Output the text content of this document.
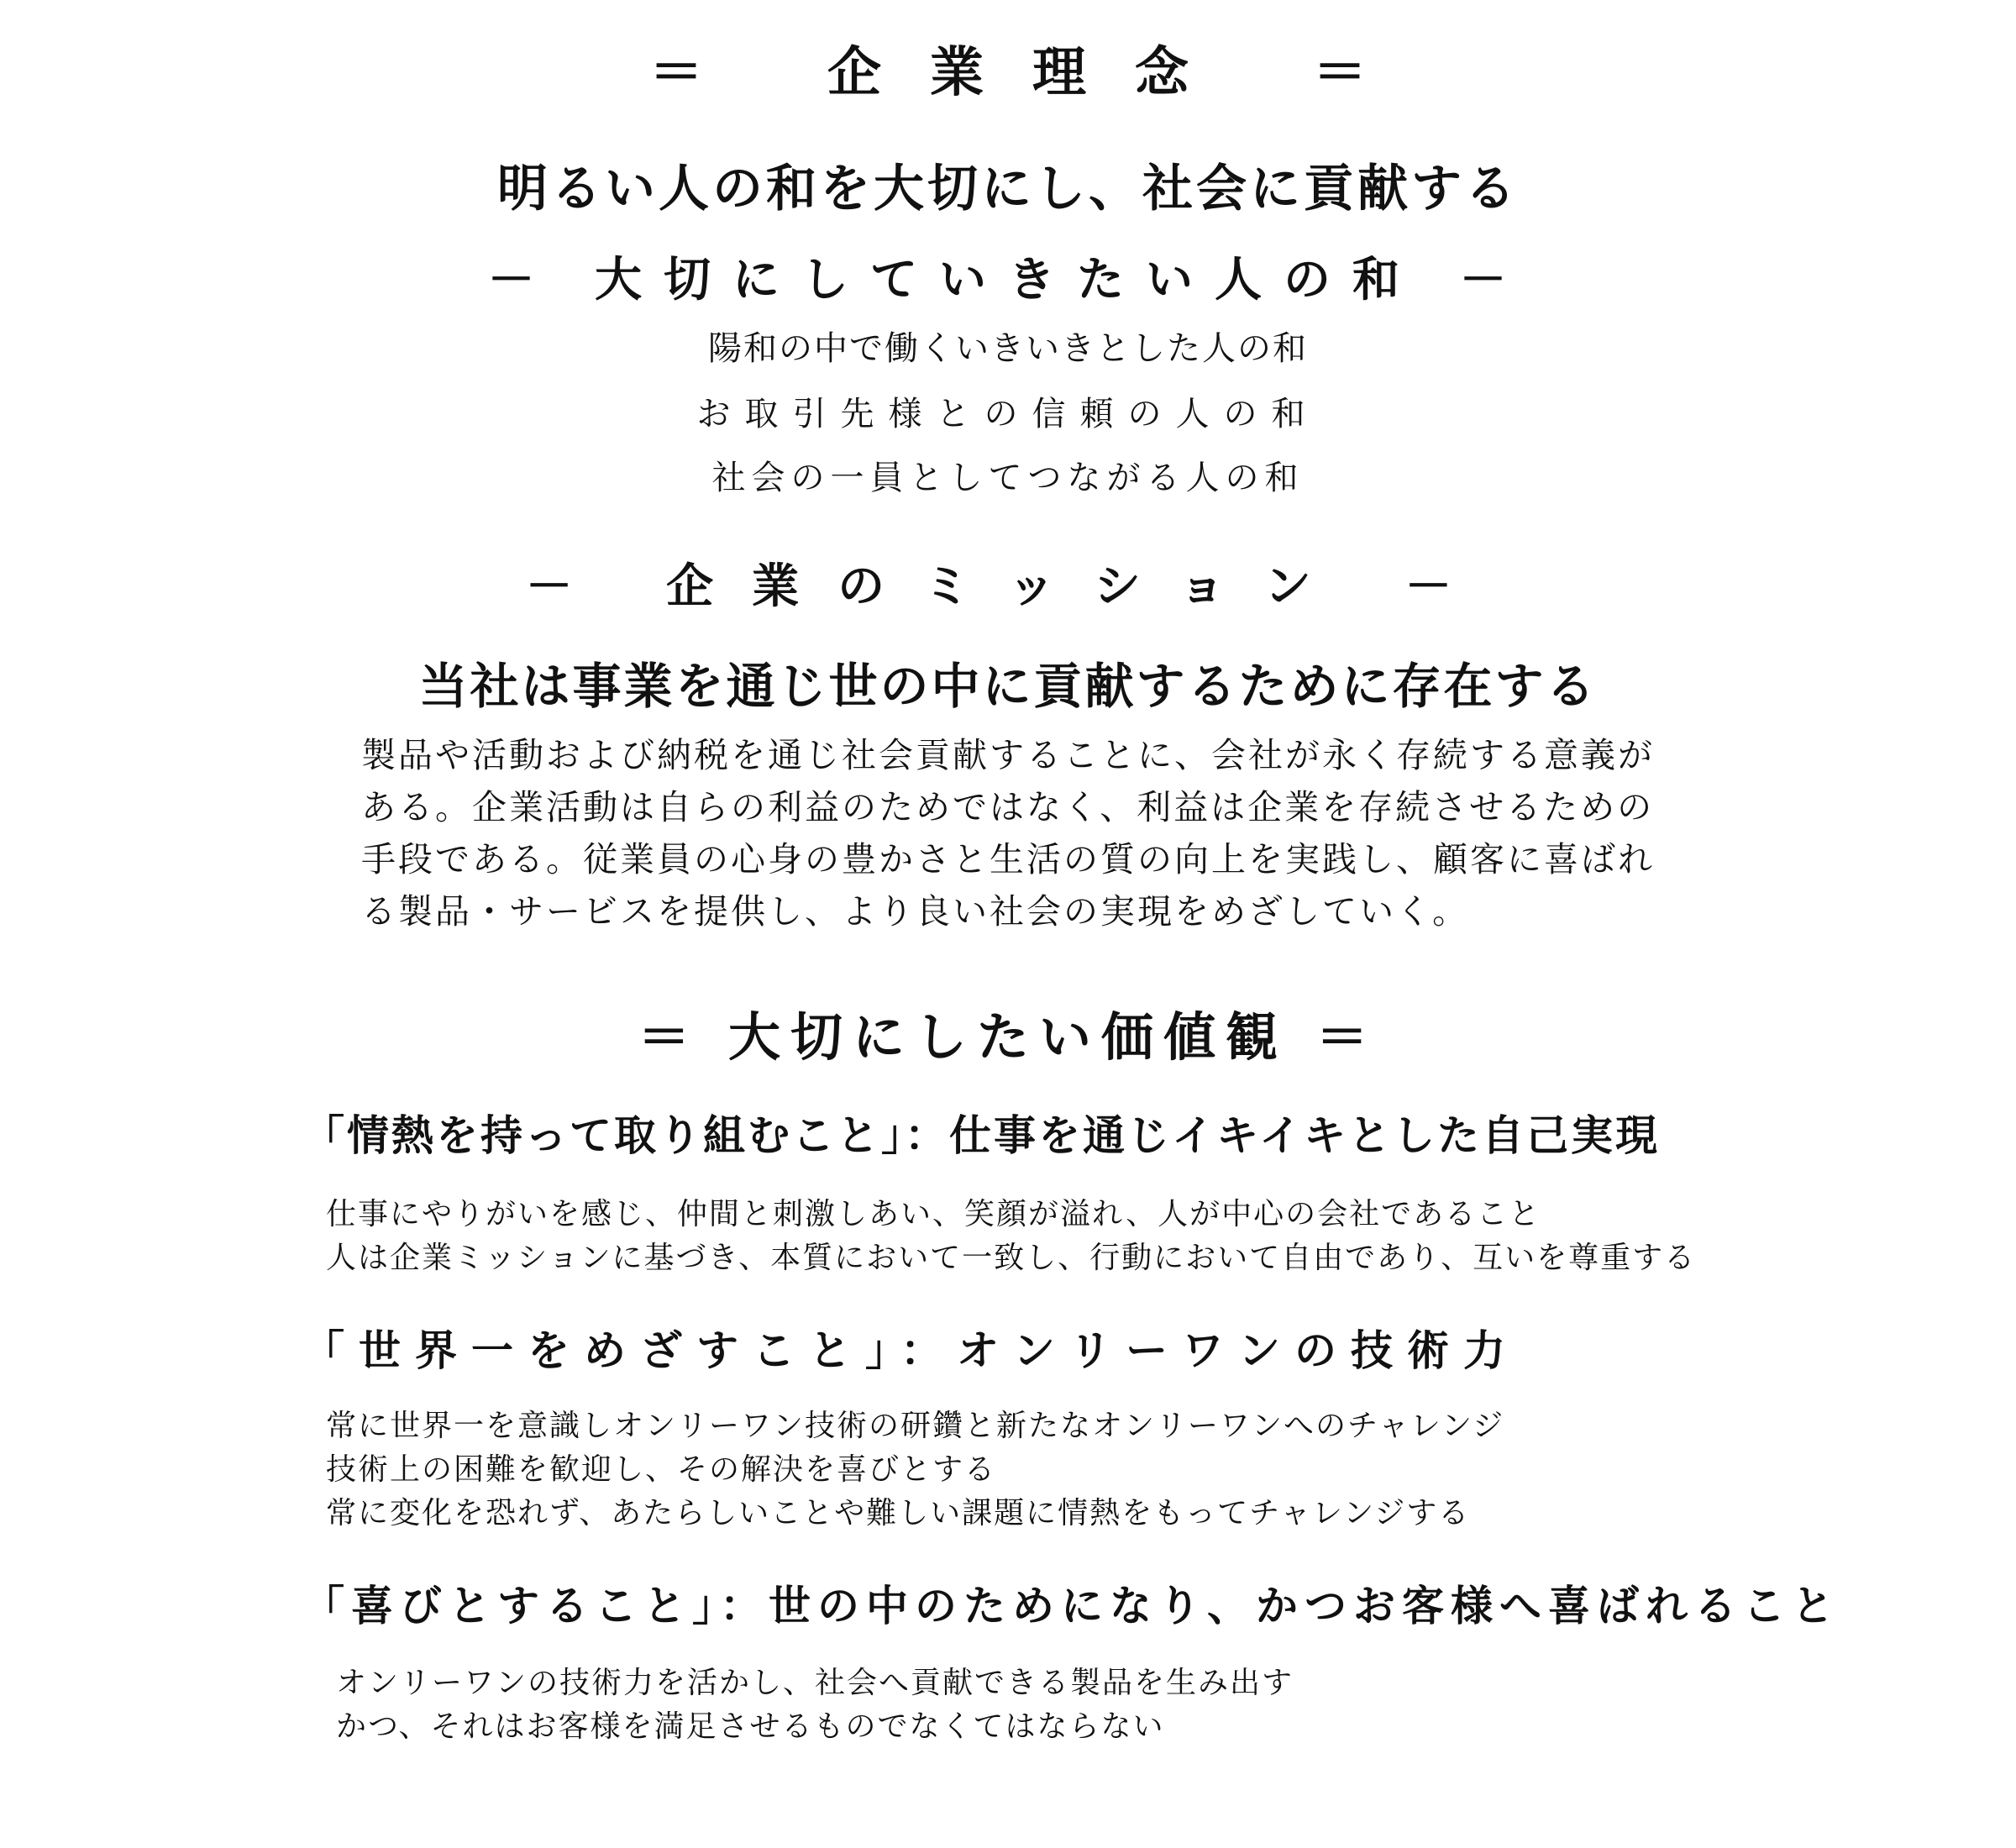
＝ 企業理念 ＝
明るい人の和を大切にし、社会に貢献する
－ 大切にしていきたい人の和 －
陽和の中で働くいきいきとした人の和
お取引先様との信頼の人の和
社会の一員としてつながる人の和
－ 企業のミッション －
当社は事業を通じ世の中に貢献するために存在する
製品や活動および納税を通じ社会貢献することに、会社が永く存続する意義が
ある。企業活動は自らの利益のためではなく、利益は企業を存続させるための
手段である。従業員の心身の豊かさと生活の質の向上を実践し、顧客に喜ばれ
る製品・サービスを提供し、より良い社会の実現をめざしていく。
＝ 大切にしたい価値観 ＝
「情熱を持って取り組むこと」：仕事を通じイキイキとした自己実現
仕事にやりがいを感じ、仲間と刺激しあい、笑顔が溢れ、人が中心の会社であること
人は企業ミッションに基づき、本質において一致し、行動において自由であり、互いを尊重する
「世界一をめざすこと」：オンリーワンの技術力
常に世界一を意識しオンリーワン技術の研鑽と新たなオンリーワンへのチャレンジ
技術上の困難を歓迎し、その解決を喜びとする
常に変化を恐れず、あたらしいことや難しい課題に情熱をもってチャレンジする
「喜びとすること」：世の中のためになり、かつお客様へ喜ばれること
オンリーワンの技術力を活かし、社会へ貢献できる製品を生み出す
かつ、それはお客様を満足させるものでなくてはならない
